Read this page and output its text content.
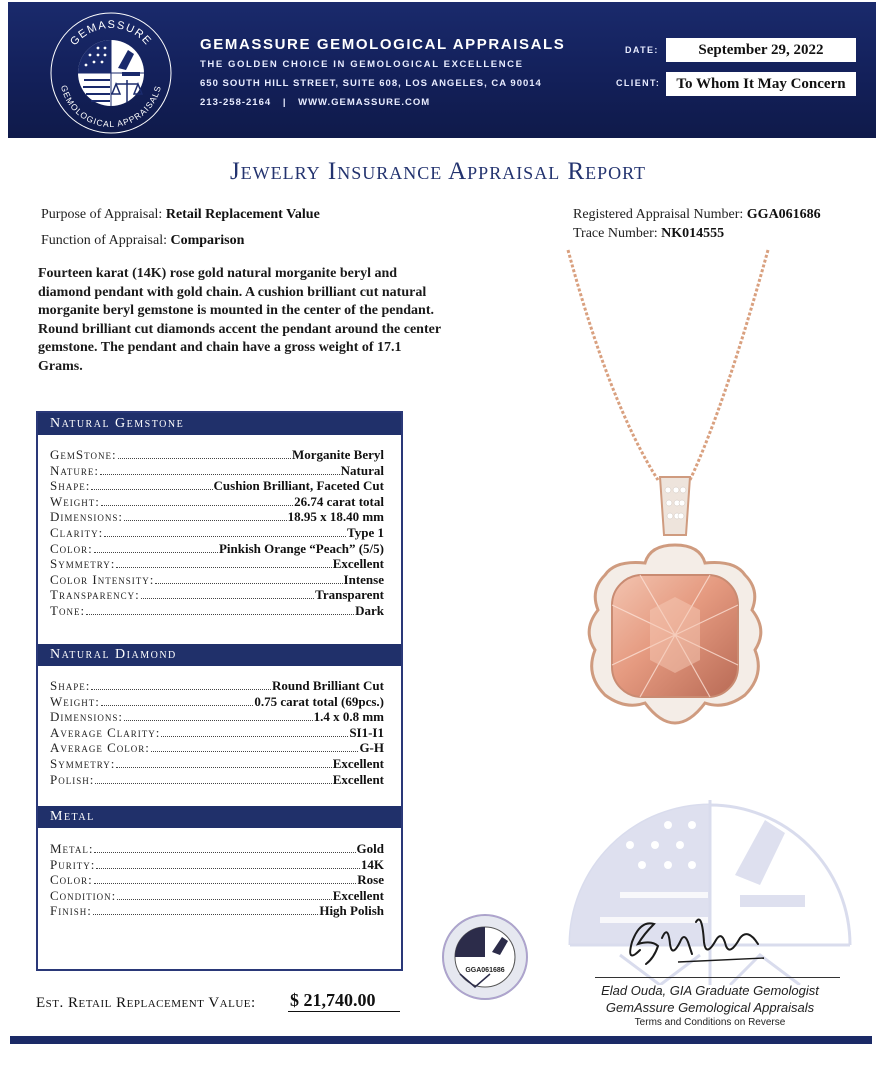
GEMASSURE
GEMOLOGICAL APPRAISALS
GEMASSURE GEMOLOGICAL APPRAISALS
THE GOLDEN CHOICE IN GEMOLOGICAL EXCELLENCE
650 SOUTH HILL STREET, SUITE 608, LOS ANGELES, CA 90014
213-258-2164 | WWW.GEMASSURE.COM
DATE:	September 29, 2022
CLIENT:	To Whom It May Concern
Jewelry Insurance Appraisal Report
Purpose of Appraisal: Retail Replacement Value
Function of Appraisal: Comparison
Registered Appraisal Number: GGA061686
Trace Number: NK014555
Fourteen karat (14K) rose gold natural morganite beryl and diamond pendant with gold chain. A cushion brilliant cut natural morganite beryl gemstone is mounted in the center of the pendant. Round brilliant cut diamonds accent the pendant around the center gemstone. The pendant and chain have a gross weight of 17.1 Grams.
Natural Gemstone
GemStone:	Morganite Beryl
Nature:	Natural
Shape:	Cushion Brilliant, Faceted Cut
Weight:	26.74 carat total
Dimensions:	18.95 x 18.40 mm
Clarity:	Type 1
Color:	Pinkish Orange “Peach” (5/5)
Symmetry:	Excellent
Color Intensity:	Intense
Transparency:	Transparent
Tone:	Dark
Natural Diamond
Shape:	Round Brilliant Cut
Weight:	0.75 carat total (69pcs.)
Dimensions:	1.4 x 0.8 mm
Average Clarity:	SI1-I1
Average Color:	G-H
Symmetry:	Excellent
Polish:	Excellent
Metal
Metal:	Gold
Purity:	14K
Color:	Rose
Condition:	Excellent
Finish:	High Polish
Est. Retail Replacement Value: $ 21,740.00
GGA061686
Elad Ouda, GIA Graduate Gemologist
GemAssure Gemological Appraisals
Terms and Conditions on Reverse
